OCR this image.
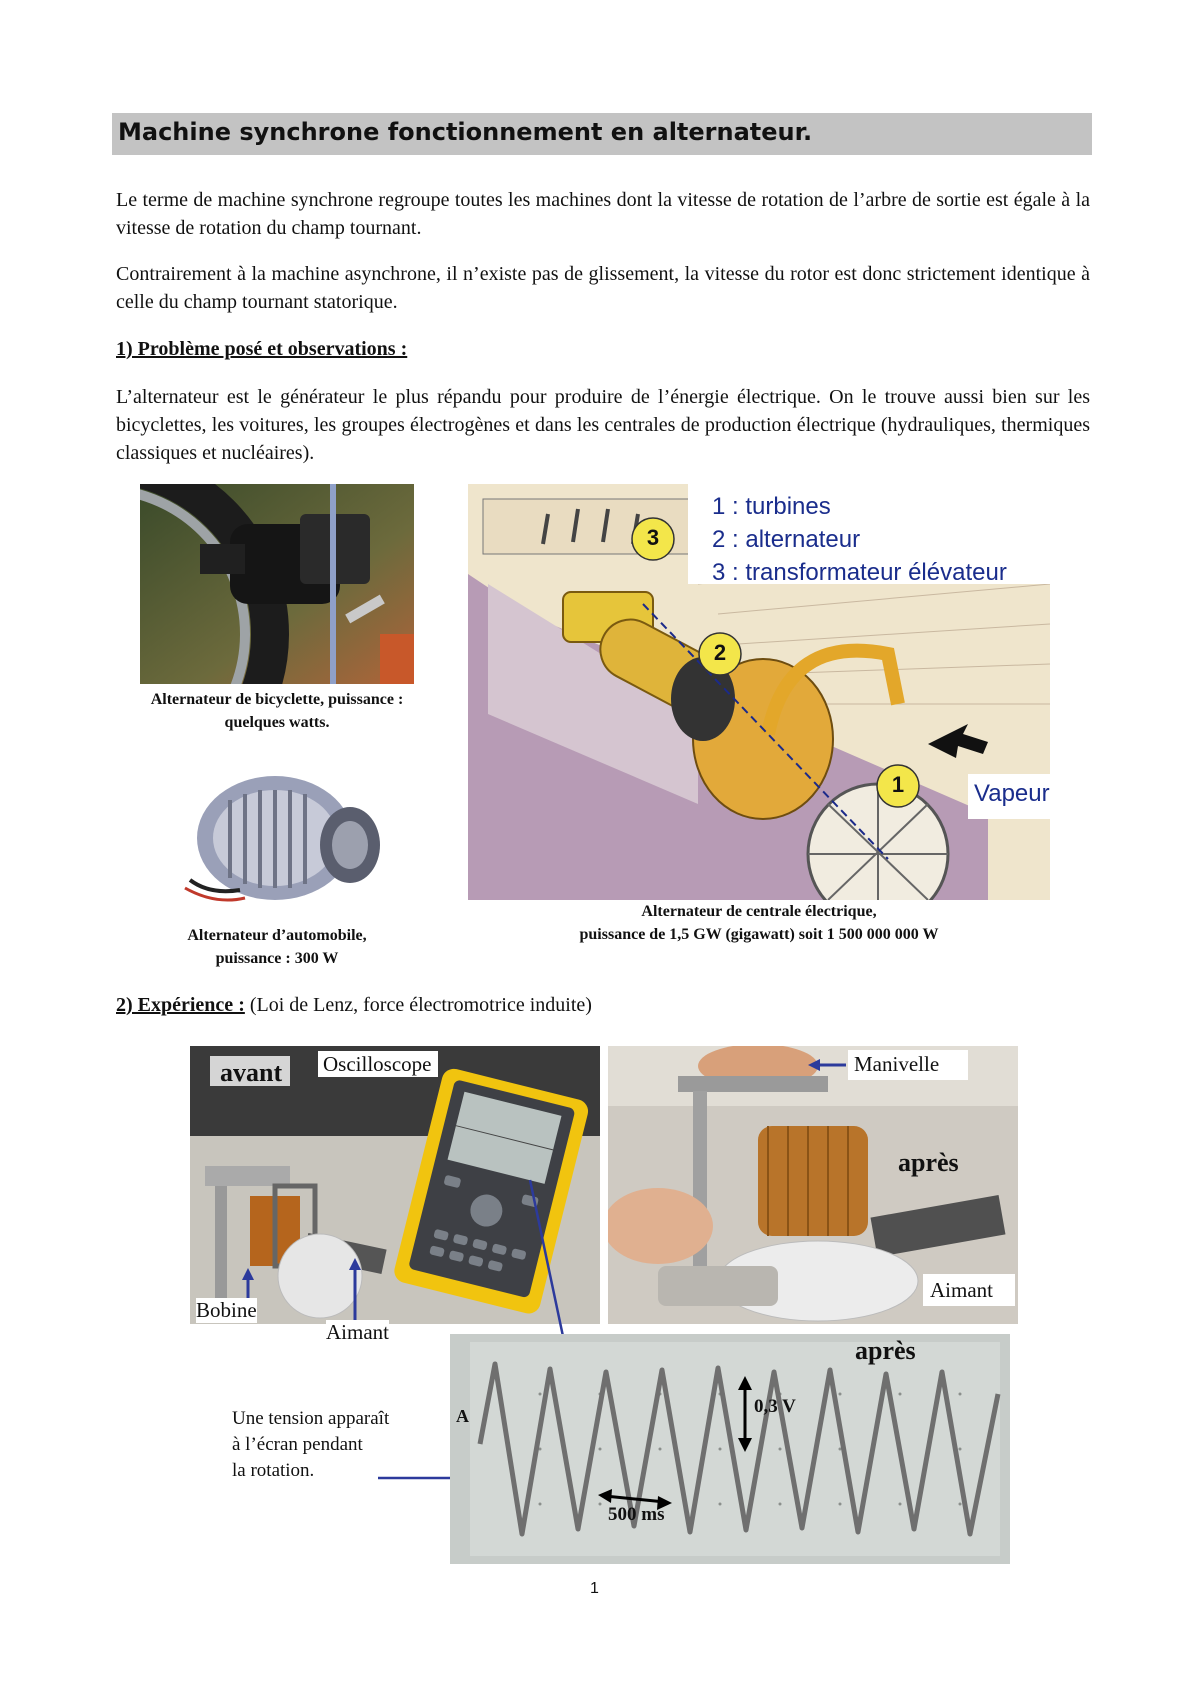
Machine synchrone fonctionnement en alternateur.
Le terme de machine synchrone regroupe toutes les machines dont la vitesse de rotation de l’arbre de sortie est égale à la vitesse de rotation du champ tournant.
Contrairement à la machine asynchrone, il n’existe pas de glissement, la vitesse du rotor est donc strictement identique à celle du champ tournant statorique.
1) Problème posé et observations :
L’alternateur est le générateur le plus répandu pour produire de l’énergie électrique. On le trouve aussi bien sur les bicyclettes, les voitures, les groupes électrogènes et dans les centrales de production électrique (hydrauliques, thermiques classiques et nucléaires).
Alternateur de bicyclette, puissance :
quelques watts.
Alternateur d’automobile,
puissance : 300 W
1 : turbines
2 : alternateur
3 : transformateur élévateur
3
2
1	Vapeur
Alternateur de centrale électrique,
puissance de 1,5 GW (gigawatt) soit 1 500 000 000 W
2) Expérience : (Loi de Lenz, force électromotrice induite)
avant Oscilloscope
Bobine
Aimant
Manivelle
après
Aimant
après
0,3 V
500 ms
A
Une tension apparaît
à l’écran pendant
la rotation.
1
